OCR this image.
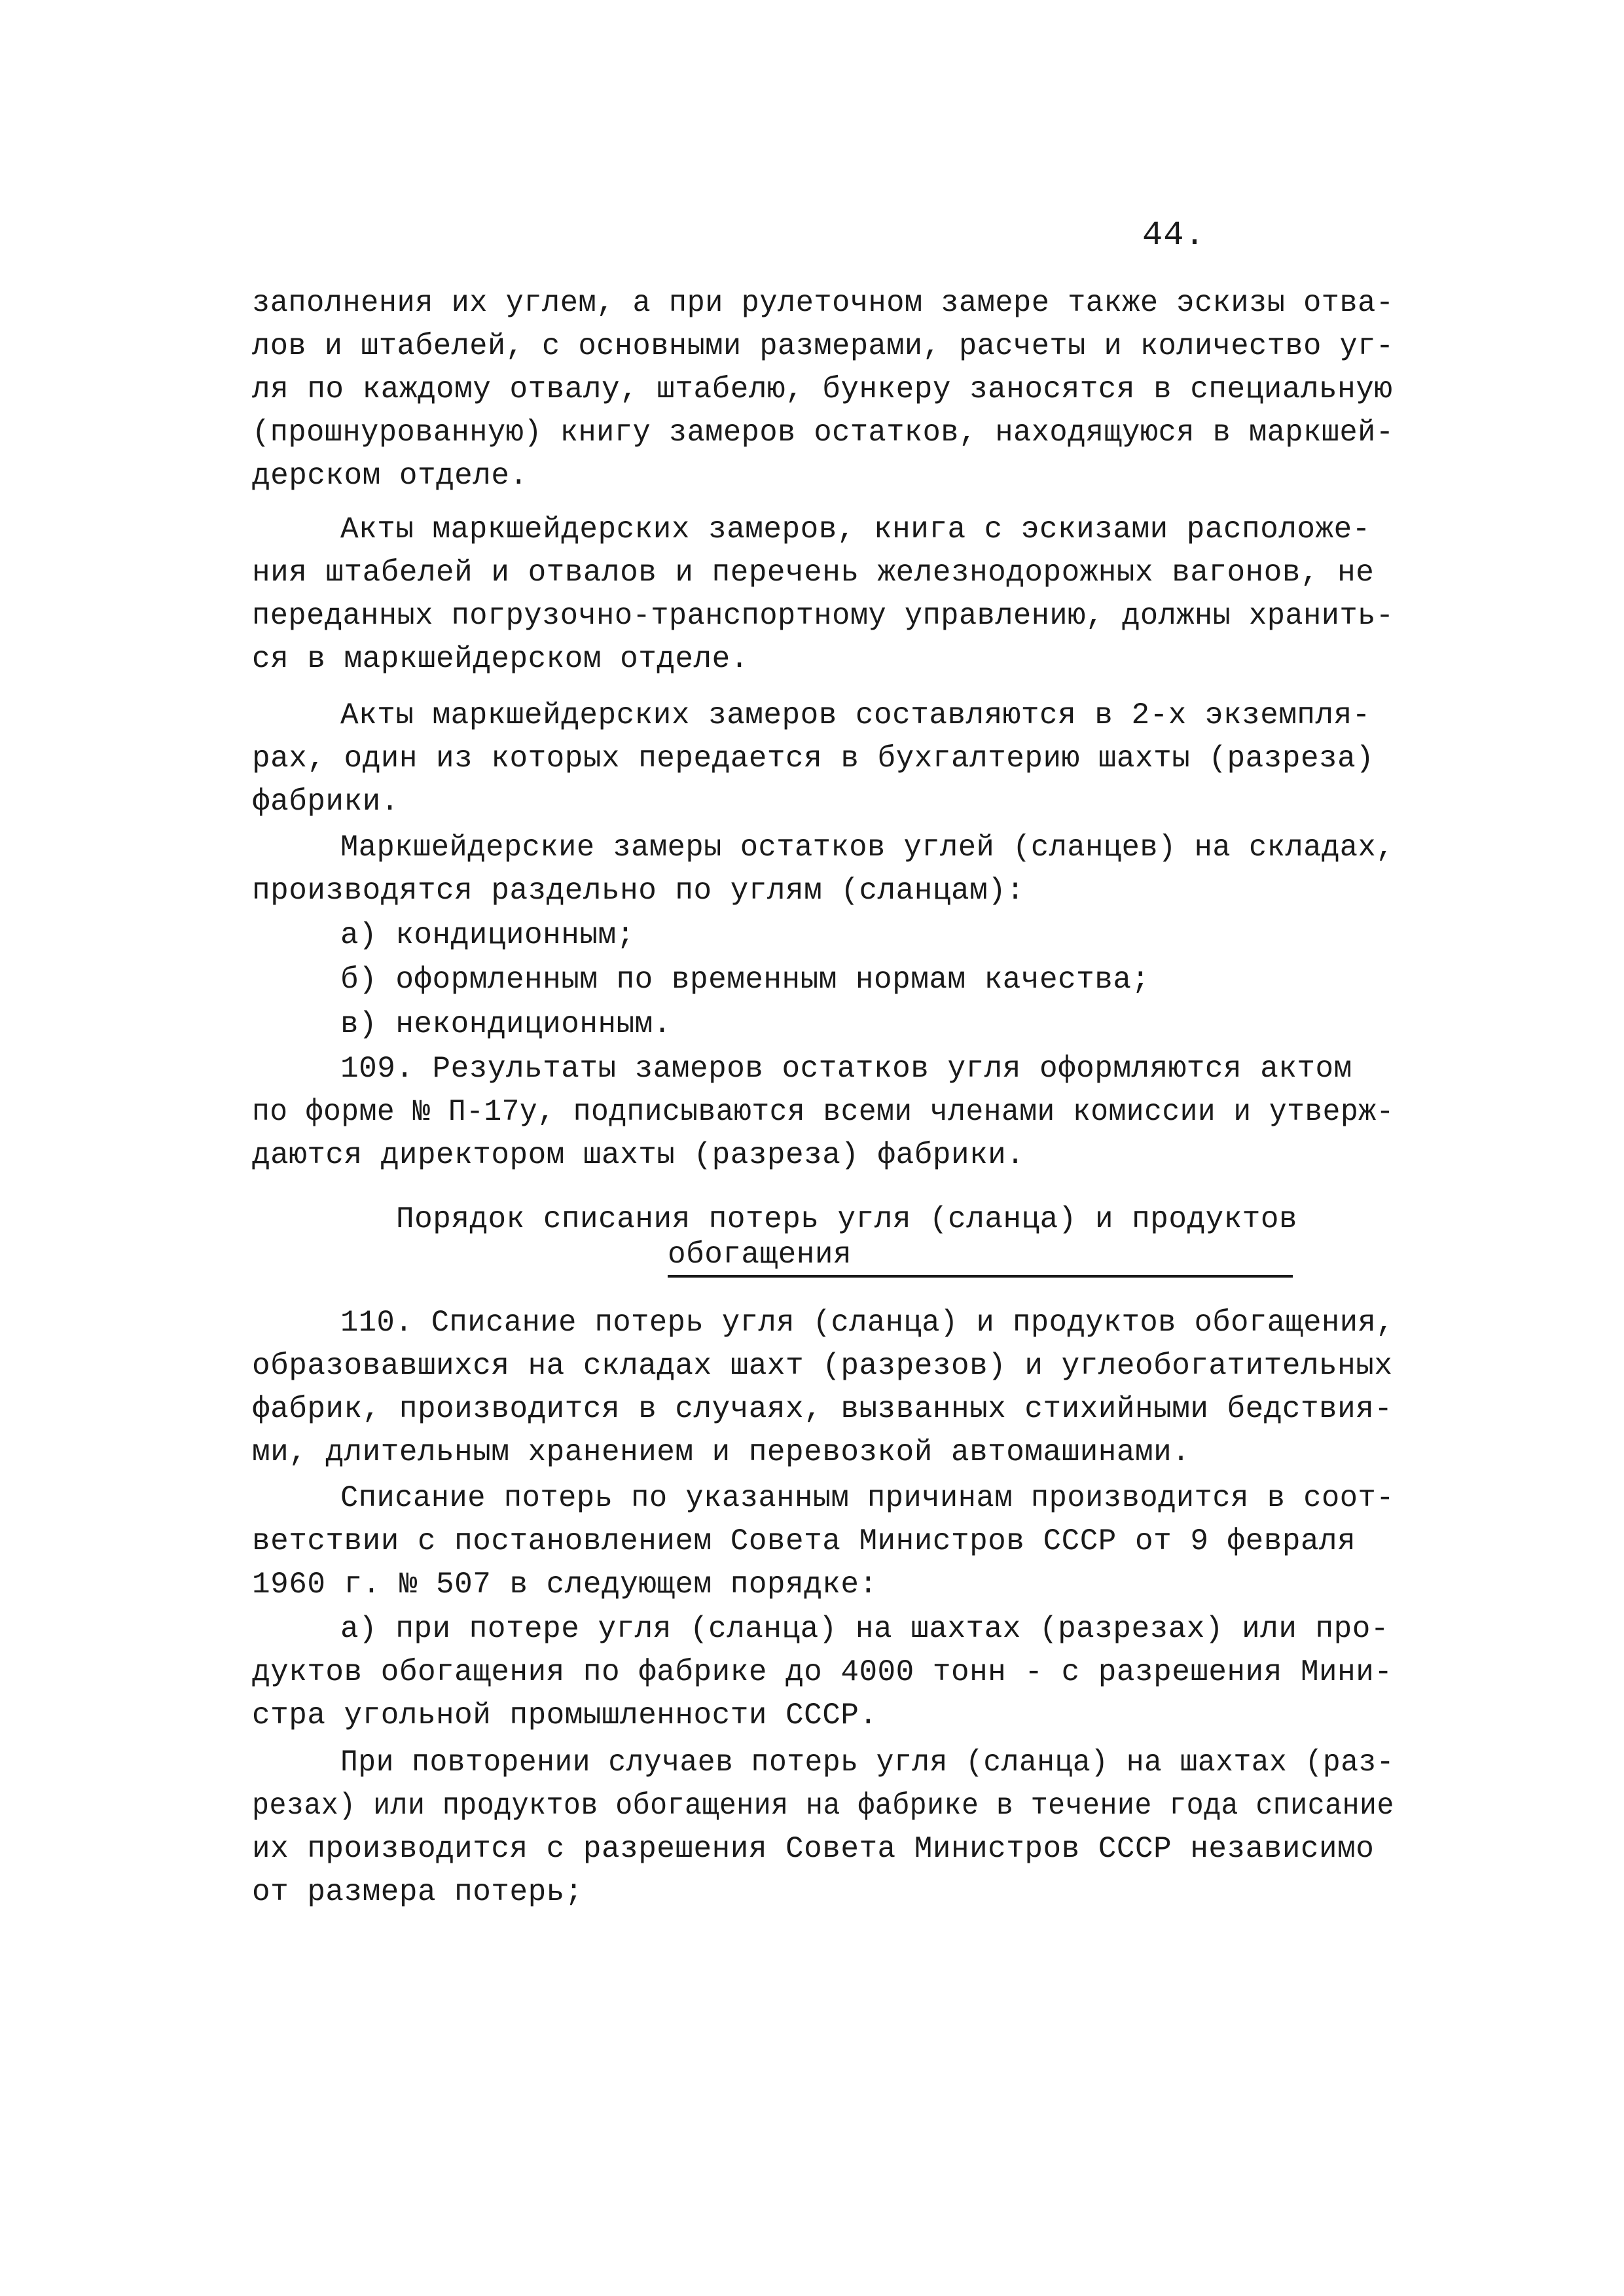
44.
заполнения их углем, а при рулеточном замере также эскизы отва-
лов и штабелей, с основными размерами, расчеты и количество уг-
ля по каждому отвалу, штабелю, бункеру заносятся в специальную
(прошнурованную) книгу замеров остатков, находящуюся в маркшей-
дерском отделе.
Акты маркшейдерских замеров, книга с эскизами расположе-
ния штабелей и отвалов и перечень железнодорожных вагонов, не
переданных погрузочно-транспортному управлению, должны хранить-
ся в маркшейдерском отделе.
Акты маркшейдерских замеров составляются в 2-х экземпля-
рах, один из которых передается в бухгалтерию шахты (разреза)
фабрики.
Маркшейдерские замеры остатков углей (сланцев) на складах,
производятся раздельно по углям (сланцам):
а) кондиционным;
б) оформленным по временным нормам качества;
в) некондиционным.
109. Результаты замеров остатков угля оформляются актом
по форме № П-17у, подписываются всеми членами комиссии и утверж-
даются директором шахты (разреза) фабрики.
Порядок списания потерь угля (сланца) и продуктов
обогащения
110. Списание потерь угля (сланца) и продуктов обогащения,
образовавшихся на складах шахт (разрезов) и углеобогатительных
фабрик, производится в случаях, вызванных стихийными бедствия-
ми, длительным хранением и перевозкой автомашинами.
Списание потерь по указанным причинам производится в соот-
ветствии с постановлением Совета Министров СССР от 9 февраля
1960 г. № 507 в следующем порядке:
а) при потере угля (сланца) на шахтах (разрезах) или про-
дуктов обогащения по фабрике до 4000 тонн - с разрешения Мини-
стра угольной промышленности СССР.
При повторении случаев потерь угля (сланца) на шахтах (раз-
резах) или продуктов обогащения на фабрике в течение года списание
их производится с разрешения Совета Министров СССР независимо
от размера потерь;
